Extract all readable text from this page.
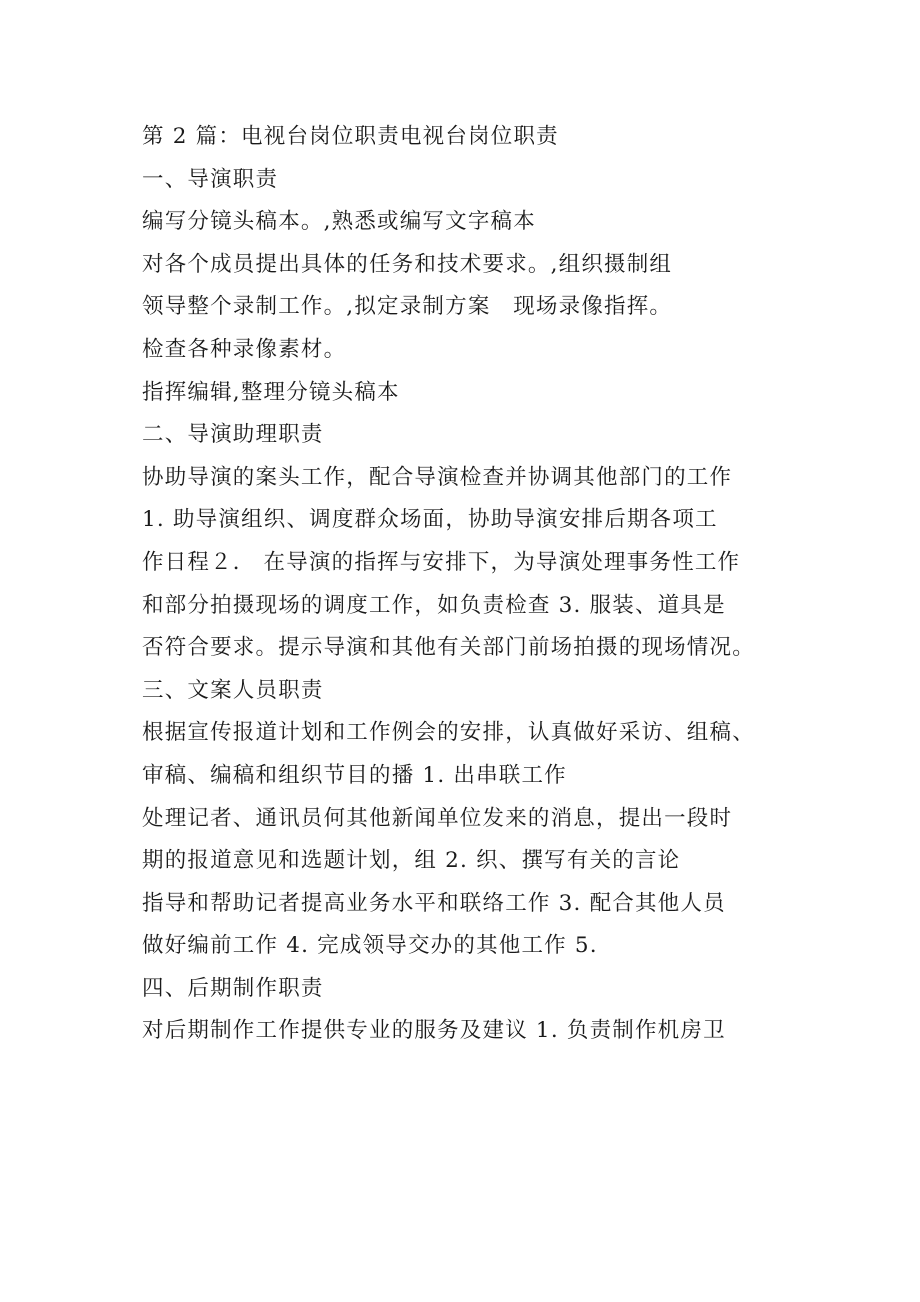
第 2 篇：电视台岗位职责电视台岗位职责
一、导演职责
编写分镜头稿本。,熟悉或编写文字稿本
对各个成员提出具体的任务和技术要求。,组织摄制组
领导整个录制工作。,拟定录制方案　现场录像指挥。
检查各种录像素材。
指挥编辑,整理分镜头稿本
二、导演助理职责
协助导演的案头工作，配合导演检查并协调其他部门的工作
1. 助导演组织、调度群众场面，协助导演安排后期各项工
作日程２． 在导演的指挥与安排下，为导演处理事务性工作
和部分拍摄现场的调度工作，如负责检查 3. 服装、道具是
否符合要求。提示导演和其他有关部门前场拍摄的现场情况。
三、文案人员职责
根据宣传报道计划和工作例会的安排，认真做好采访、组稿、
审稿、编稿和组织节目的播 1. 出串联工作
处理记者、通讯员何其他新闻单位发来的消息，提出一段时
期的报道意见和选题计划，组 2. 织、撰写有关的言论
指导和帮助记者提高业务水平和联络工作 3. 配合其他人员
做好编前工作 4. 完成领导交办的其他工作 5.
四、后期制作职责
对后期制作工作提供专业的服务及建议 1. 负责制作机房卫
